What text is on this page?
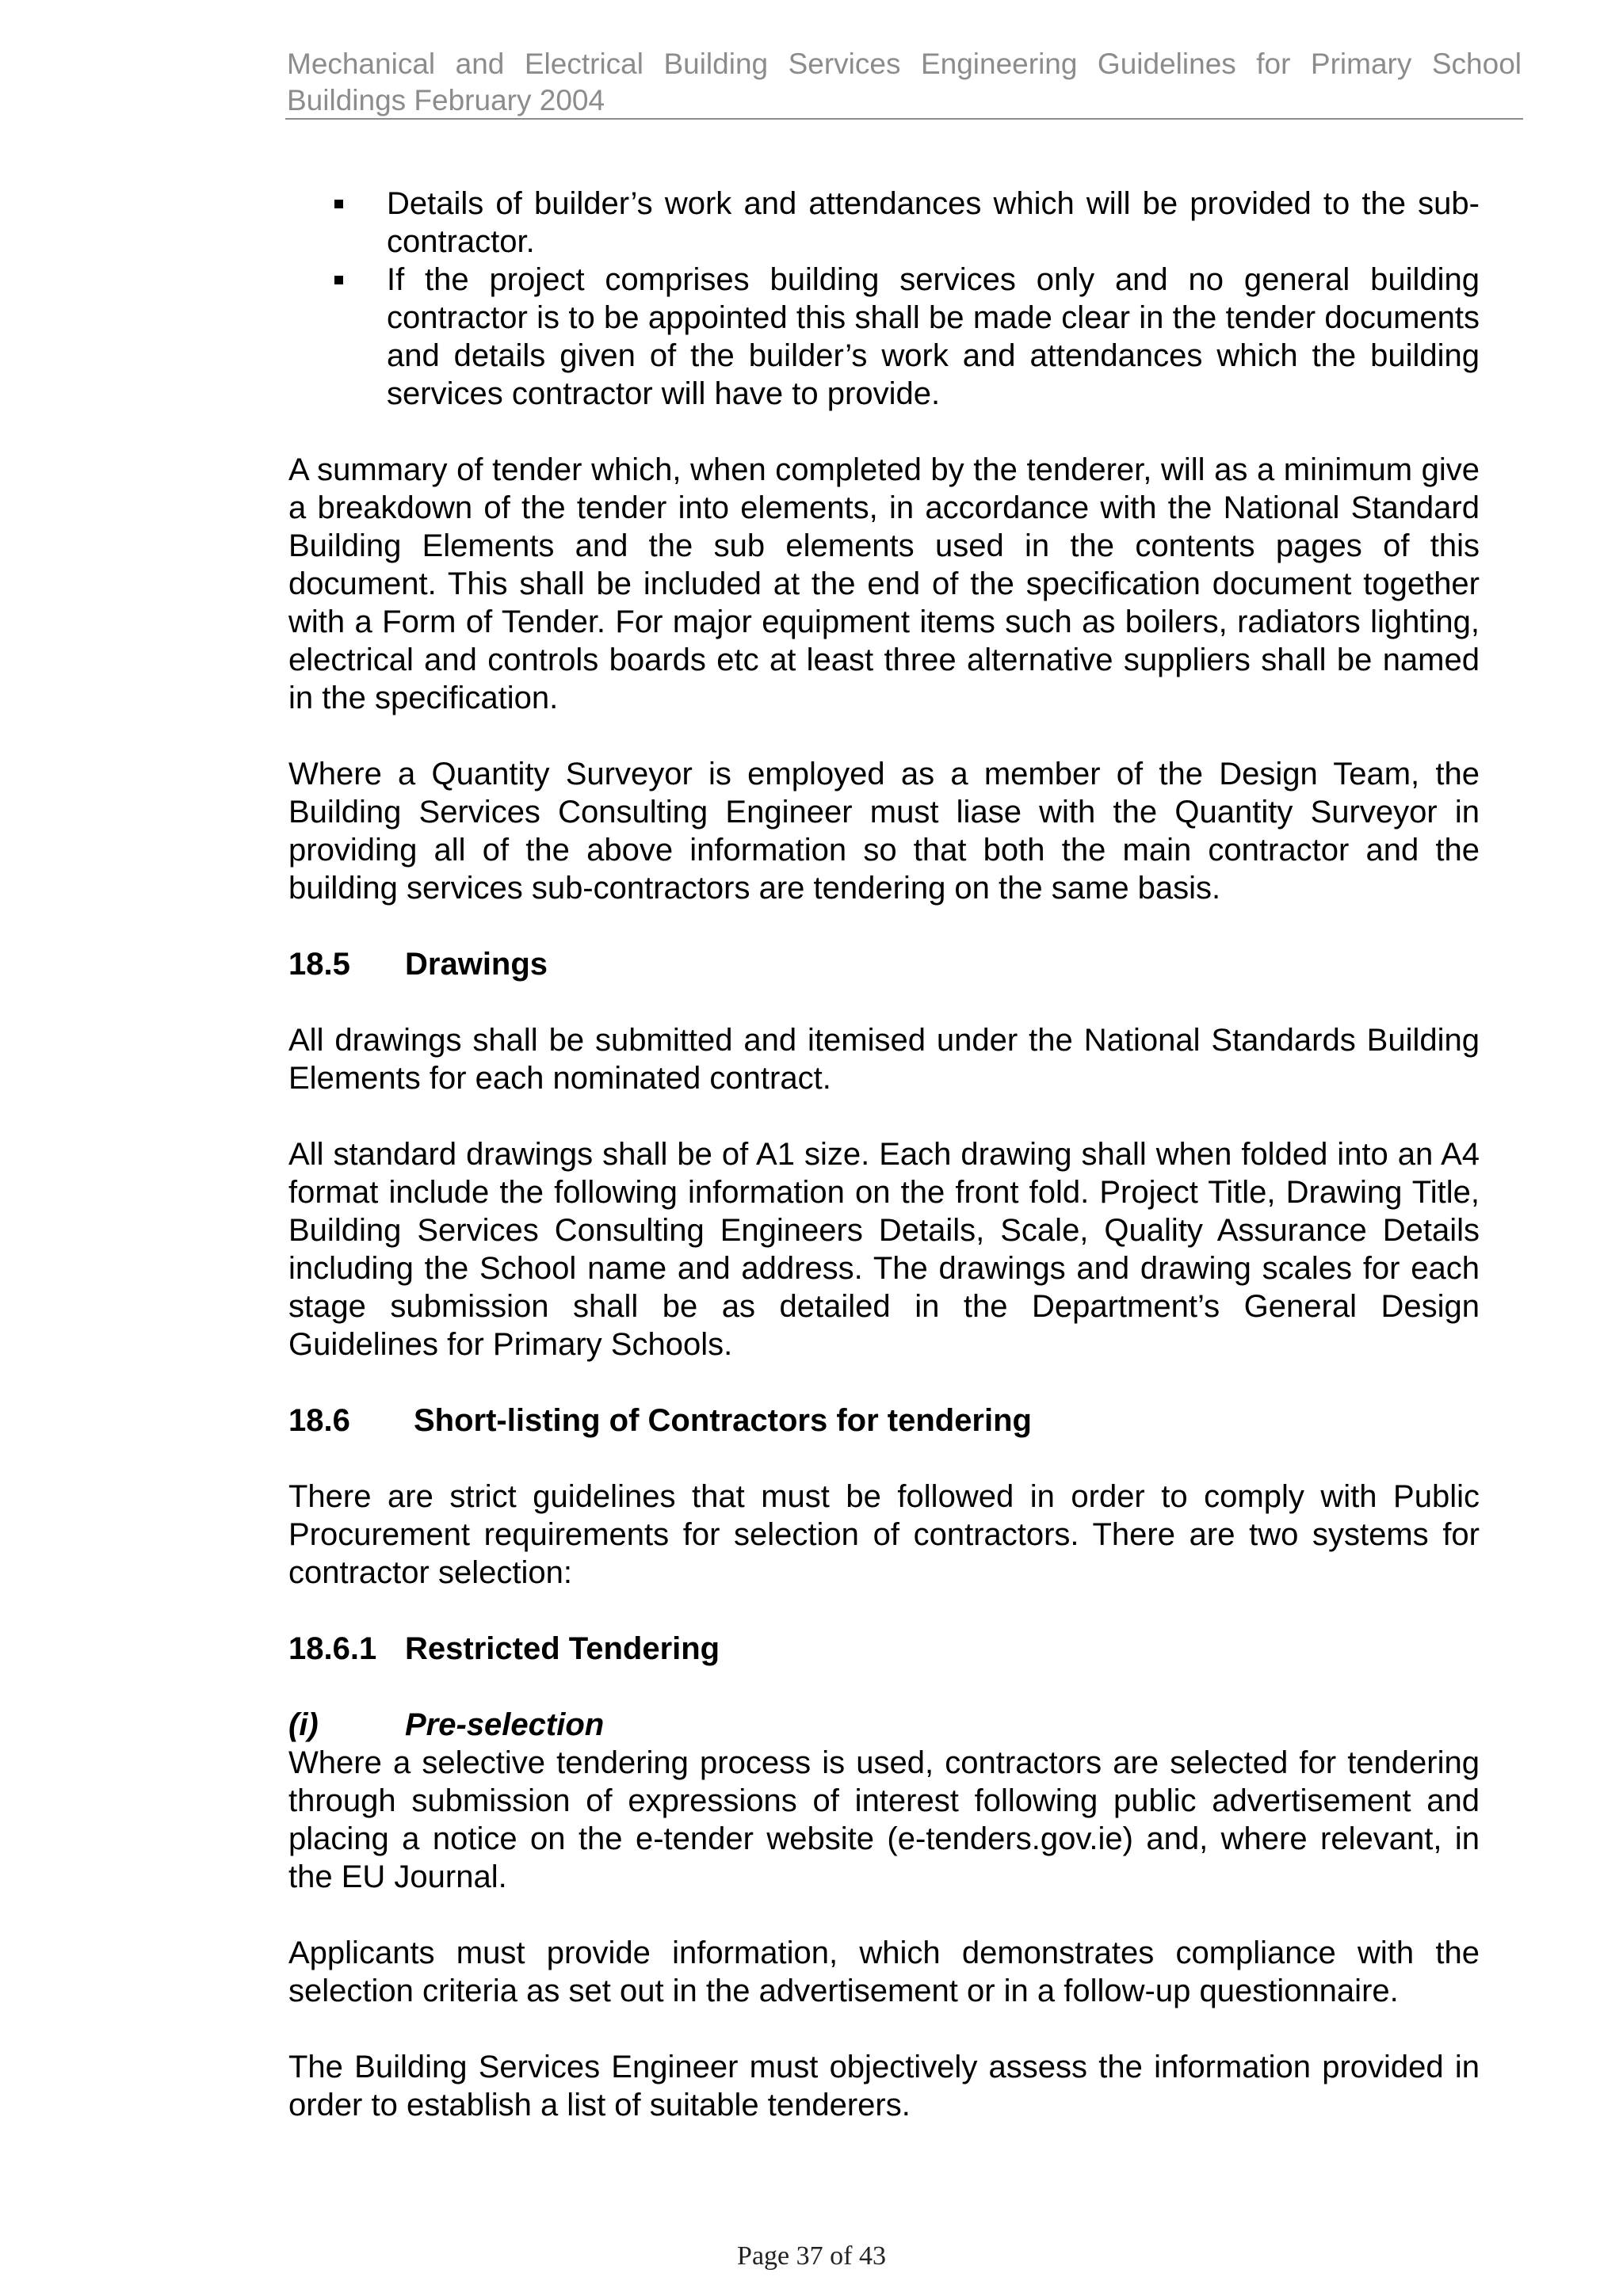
Mechanical and Electrical Building Services Engineering Guidelines for Primary School Buildings February 2004
Details of builder’s work and attendances which will be provided to the sub-contractor.
If the project comprises building services only and no general building contractor is to be appointed this shall be made clear in the tender documents and details given of the builder’s work and attendances which the building services contractor will have to provide.

A summary of tender which, when completed by the tenderer, will as a minimum give a breakdown of the tender into elements, in accordance with the National Standard Building Elements and the sub elements used in the contents pages of this document. This shall be included at the end of the specification document together with a Form of Tender. For major equipment items such as boilers, radiators lighting, electrical and controls boards etc at least three alternative suppliers shall be named in the specification.

Where a Quantity Surveyor is employed as a member of the Design Team, the Building Services Consulting Engineer must liase with the Quantity Surveyor in providing all of the above information so that both the main contractor and the building services sub-contractors are tendering on the same basis.

18.5	Drawings

All drawings shall be submitted and itemised under the National Standards Building Elements for each nominated contract.

All standard drawings shall be of A1 size. Each drawing shall when folded into an A4 format include the following information on the front fold. Project Title, Drawing Title, Building Services Consulting Engineers Details, Scale, Quality Assurance Details including the School name and address. The drawings and drawing scales for each stage submission shall be as detailed in the Department’s General Design Guidelines for Primary Schools.

18.6	Short-listing of Contractors for tendering

There are strict guidelines that must be followed in order to comply with Public Procurement requirements for selection of contractors. There are two systems for contractor selection:

18.6.1 Restricted Tendering
(i)	Pre-selection

Where a selective tendering process is used, contractors are selected for tendering through submission of expressions of interest following public advertisement and placing a notice on the e-tender website (e-tenders.gov.ie) and, where relevant, in the EU Journal.

Applicants must provide information, which demonstrates compliance with the selection criteria as set out in the advertisement or in a follow-up questionnaire.

The Building Services Engineer must objectively assess the information provided in order to establish a list of suitable tenderers.

Page 37 of 43
